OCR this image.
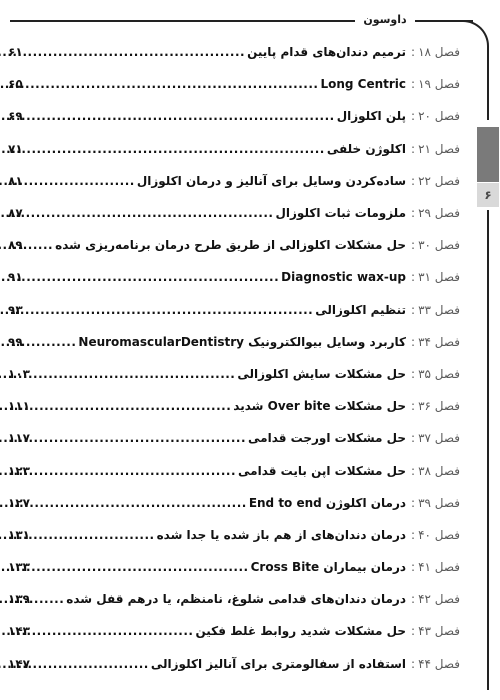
داوسون
۶
فصل ۱۸
:
ترمیم دندان‌های قدام پایین
.....
۶۱
فصل ۱۹
:
Long Centric
.....
۶۵
فصل ۲۰
:
پلن اکلوزال
.....
۶۹
فصل ۲۱
:
اکلوژن خلفی
.....
۷۱
فصل ۲۲
:
ساده‌کردن وسایل برای آنالیز و درمان اکلوزال
.....
۸۱
فصل ۲۹
:
ملزومات ثبات اکلوزال
.....
۸۷
فصل ۳۰
:
حل مشکلات اکلوزالی از طریق طرح درمان برنامه‌ریزی شده
.....
۸۹
فصل ۳۱
:
Diagnostic wax-up
.....
۹۱
فصل ۳۳
:
تنظیم اکلوزالی
.....
۹۳
فصل ۳۴
:
کاربرد وسایل بیوالکترونیک NeuromascularDentistry
.....
۹۹
فصل ۳۵
:
حل مشکلات سایش اکلوزالی
.....
۱۰۳
فصل ۳۶
:
حل مشکلات Over bite شدید
.....
۱۱۱
فصل ۳۷
:
حل مشکلات اورجت قدامی
.....
۱۱۷
فصل ۳۸
:
حل مشکلات اپن بایت قدامی
.....
۱۲۳
فصل ۳۹
:
درمان اکلوژن End to end
.....
۱۲۷
فصل ۴۰
:
درمان دندان‌های از هم باز شده یا جدا شده
.....
۱۳۱
فصل ۴۱
:
درمان بیماران Cross Bite
.....
۱۳۳
فصل ۴۲
:
درمان دندان‌های قدامی شلوغ، نامنظم، یا درهم قفل شده
.....
۱۳۹
فصل ۴۳
:
حل مشکلات شدید روابط غلط فکین
.....
۱۴۳
فصل ۴۴
:
استفاده از سفالومتری برای آنالیز اکلوزالی
.....
۱۴۷
